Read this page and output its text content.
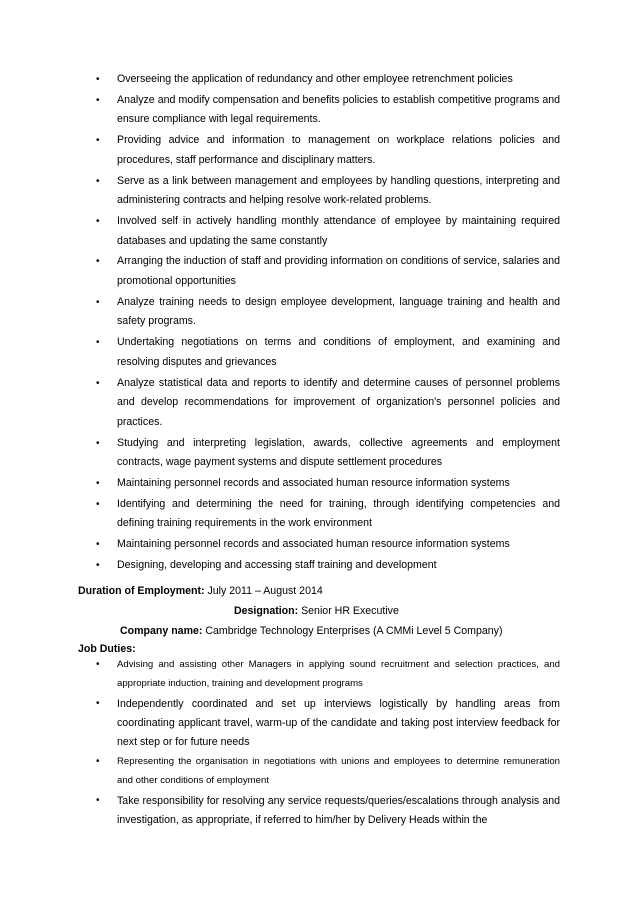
•	Overseeing the application of redundancy and other employee retrenchment policies
•	Analyze and modify compensation and benefits policies to establish competitive programs and ensure compliance with legal requirements.
•	Providing advice and information to management on workplace relations policies and procedures, staff performance and disciplinary matters.
•	Serve as a link between management and employees by handling questions, interpreting and administering contracts and helping resolve work-related problems.
•	Involved self in actively handling monthly attendance of employee by maintaining required databases and updating the same constantly
•	Arranging the induction of staff and providing information on conditions of service, salaries and promotional opportunities
•	Analyze training needs to design employee development, language training and health and safety programs.
•	Undertaking negotiations on terms and conditions of employment, and examining and resolving disputes and grievances
•	Analyze statistical data and reports to identify and determine causes of personnel problems and develop recommendations for improvement of organization's personnel policies and practices.
•	Studying and interpreting legislation, awards, collective agreements and employment contracts, wage payment systems and dispute settlement procedures
•	Maintaining personnel records and associated human resource information systems
•	Identifying and determining the need for training, through identifying competencies and defining training requirements in the work environment
•	Maintaining personnel records and associated human resource information systems
•	Designing, developing and accessing staff training and development
Duration of Employment: July 2011 – August 2014
Designation: Senior HR Executive
Company name: Cambridge Technology Enterprises (A CMMi Level 5 Company)
Job Duties:
•	Advising and assisting other Managers in applying sound recruitment and selection practices, and appropriate induction, training and development programs
•	Independently coordinated and set up interviews logistically by handling areas from coordinating applicant travel, warm-up of the candidate and taking post interview feedback for next step or for future needs
•	Representing the organisation in negotiations with unions and employees to determine remuneration and other conditions of employment
•	Take responsibility for resolving any service requests/queries/escalations through analysis and investigation, as appropriate, if referred to him/her by Delivery Heads within the
